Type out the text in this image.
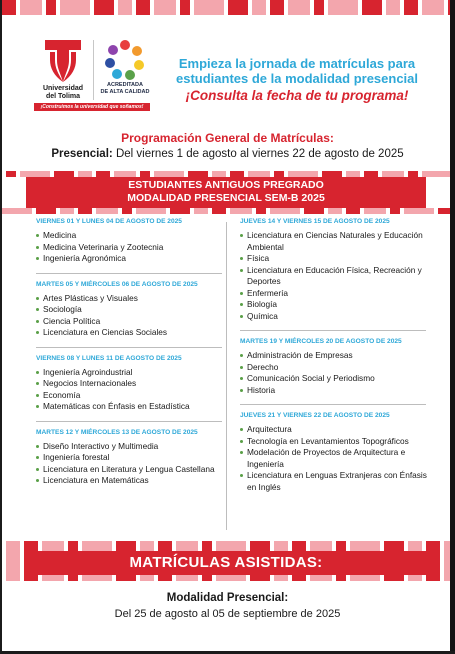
Universidad
del Tolima
¡Construimos la universidad que soñamos!
ACREDITADA
DE ALTA CALIDAD
Empieza la jornada de matrículas para estudiantes de la modalidad presencial
¡Consulta la fecha de tu programa!
Programación General de Matrículas:
Presencial: Del viernes 1 de agosto al viernes 22 de agosto de 2025
ESTUDIANTES ANTIGUOS PREGRADO
MODALIDAD PRESENCIAL SEM-B 2025
VIERNES 01 Y LUNES 04 DE AGOSTO DE 2025
Medicina
Medicina Veterinaria y Zootecnia
Ingeniería Agronómica
MARTES 05 Y MIÉRCOLES 06 DE AGOSTO DE 2025
Artes Plásticas y Visuales
Sociología
Ciencia Política
Licenciatura en Ciencias Sociales
VIERNES 08 Y LUNES 11 DE AGOSTO DE 2025
Ingeniería Agroindustrial
Negocios Internacionales
Economía
Matemáticas con Énfasis en Estadística
MARTES 12 Y MIÉRCOLES 13 DE AGOSTO DE 2025
Diseño Interactivo y Multimedia
Ingeniería forestal
Licenciatura en Literatura y Lengua Castellana
Licenciatura en Matemáticas
JUEVES 14 Y VIERNES 15 DE AGOSTO DE 2025
Licenciatura en Ciencias Naturales y Educación Ambiental
Física
Licenciatura en Educación Física, Recreación y Deportes
Enfermería
Biología
Química
MARTES 19 Y MIÉRCOLES 20 DE AGOSTO DE 2025
Administración de Empresas
Derecho
Comunicación Social y Periodismo
Historia
JUEVES 21 Y VIERNES 22 DE AGOSTO DE 2025
Arquitectura
Tecnología en Levantamientos Topográficos
Modelación de Proyectos de Arquitectura e Ingeniería
Licenciatura en Lenguas Extranjeras con Énfasis en Inglés
MATRÍCULAS ASISTIDAS:
Modalidad Presencial:
Del 25 de agosto al 05 de septiembre de 2025
